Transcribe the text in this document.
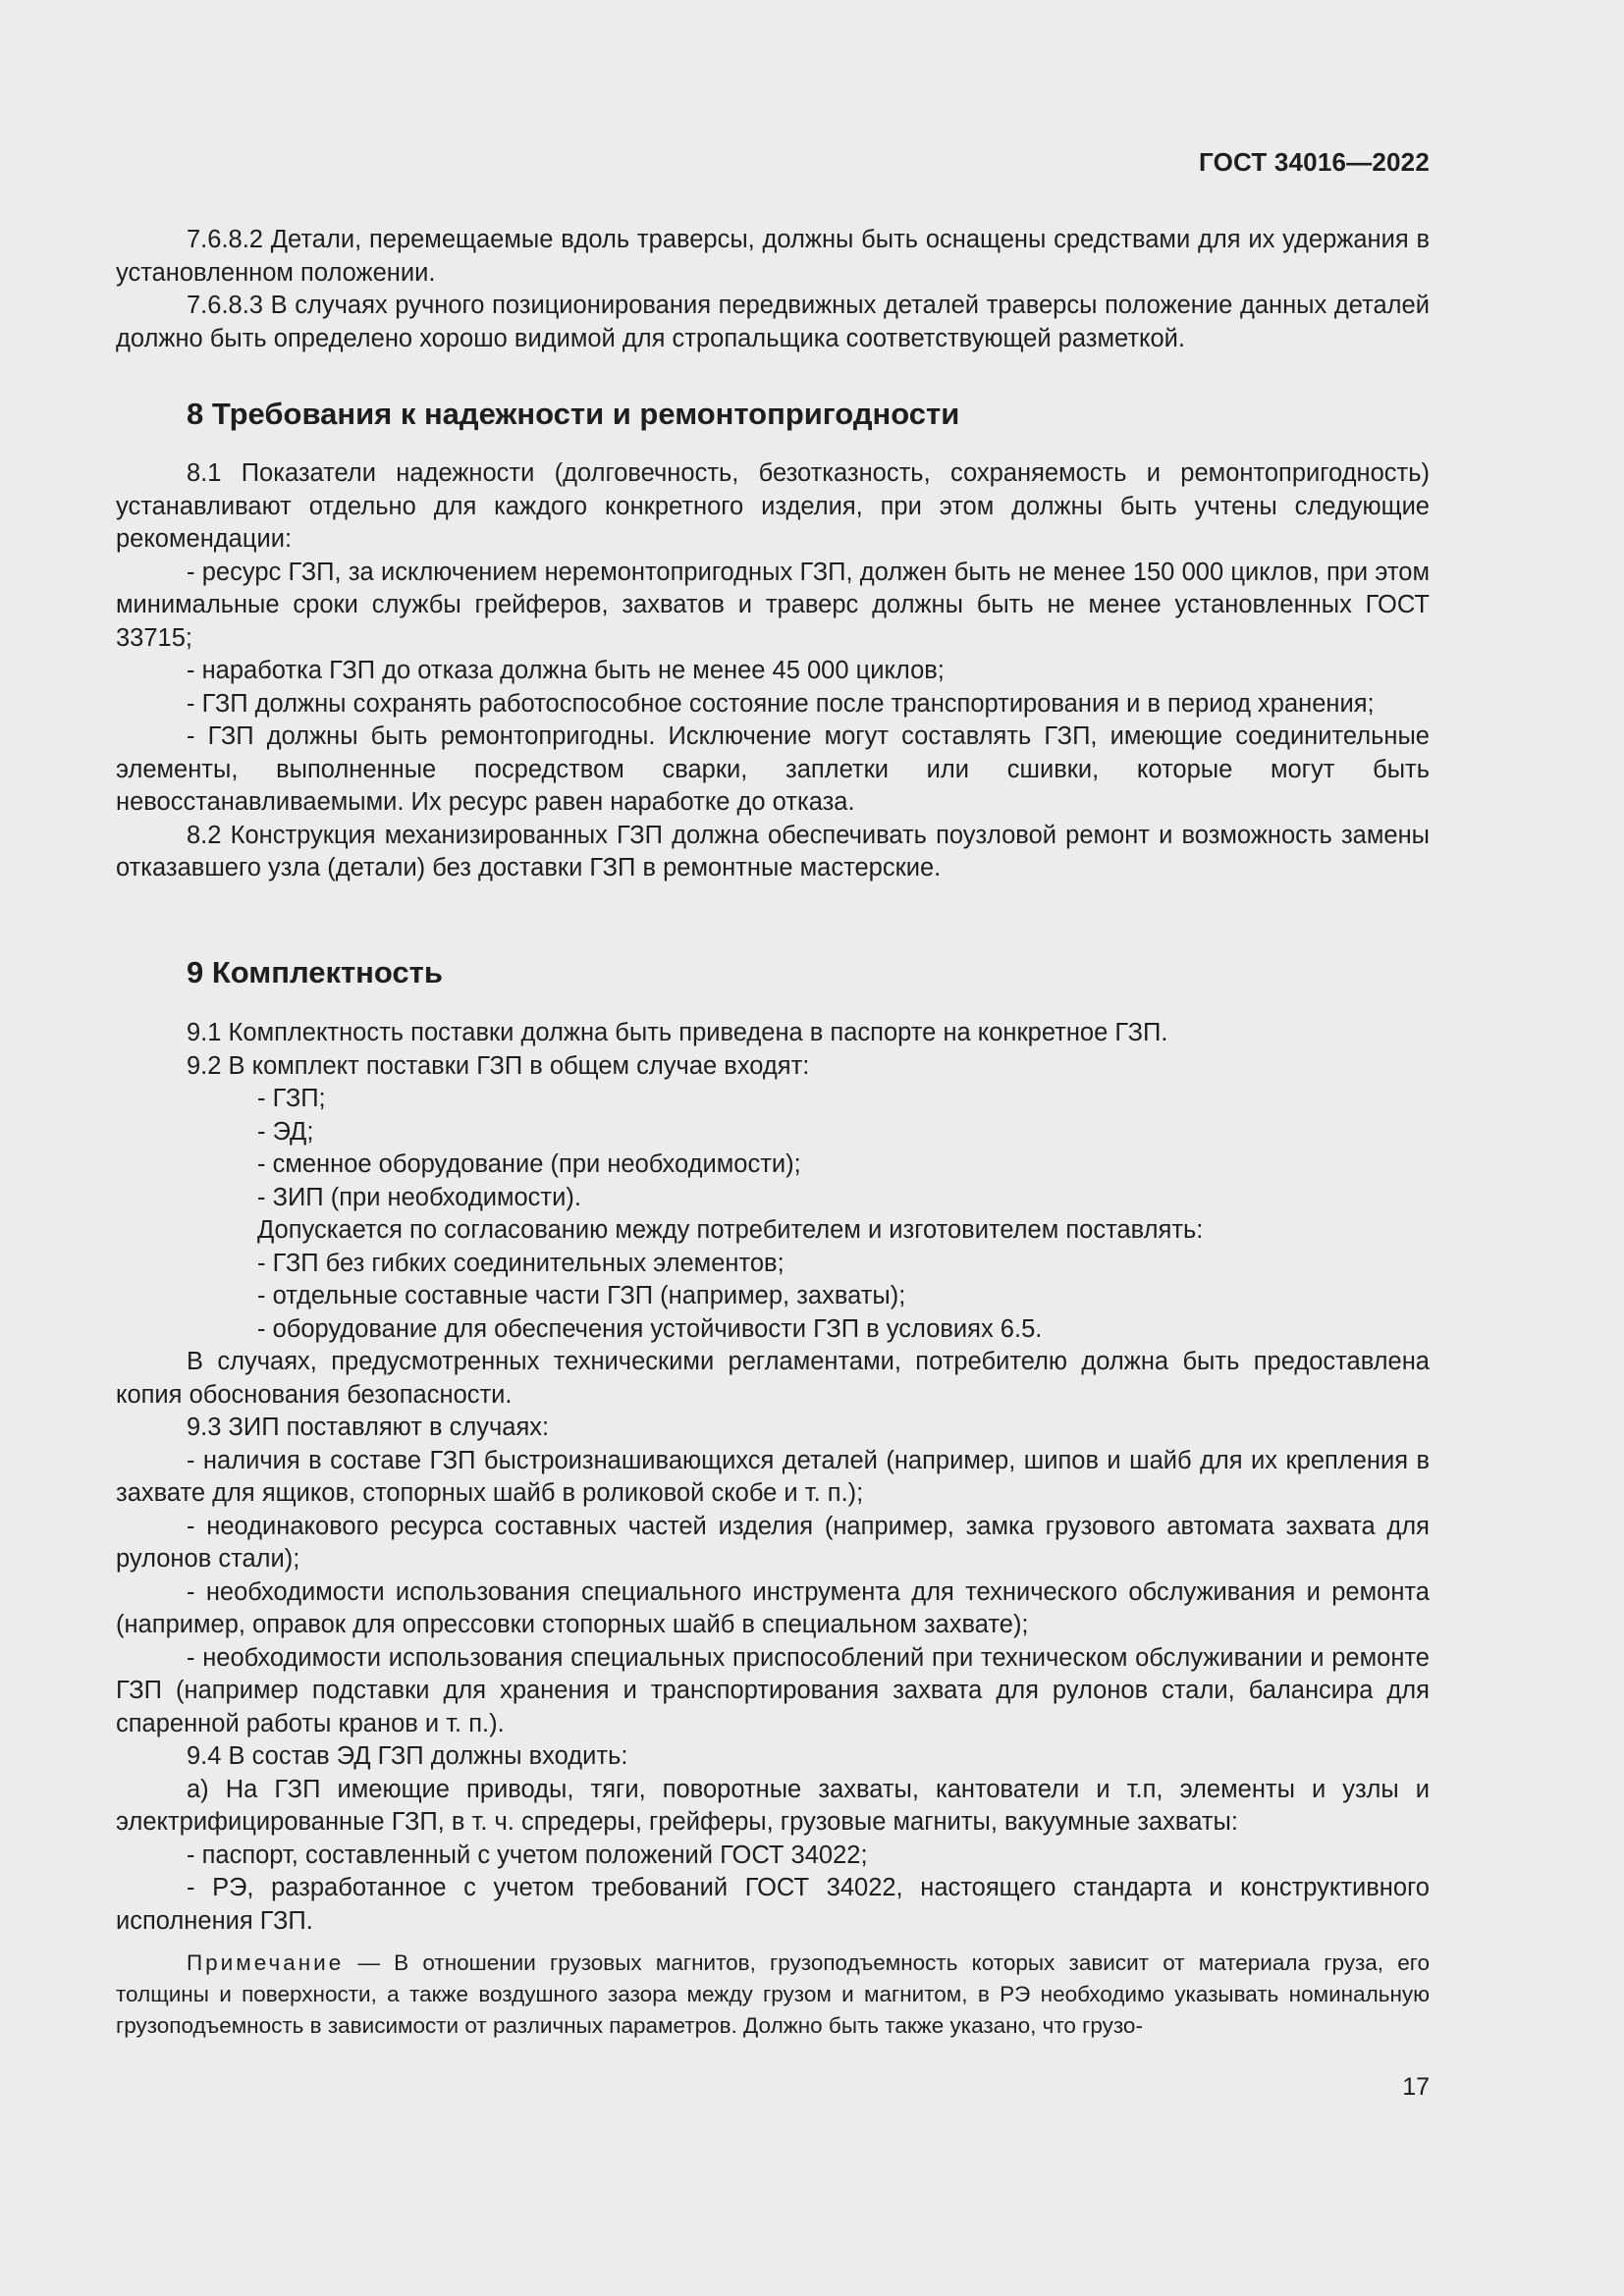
ГОСТ 34016—2022

7.6.8.2 Детали, перемещаемые вдоль траверсы, должны быть оснащены средствами для их удержания в установленном положении.

7.6.8.3 В случаях ручного позиционирования передвижных деталей траверсы положение данных деталей должно быть определено хорошо видимой для стропальщика соответствующей разметкой.

8 Требования к надежности и ремонтопригодности

8.1 Показатели надежности (долговечность, безотказность, сохраняемость и ремонтопригодность) устанавливают отдельно для каждого конкретного изделия, при этом должны быть учтены следующие рекомендации:

- ресурс ГЗП, за исключением неремонтопригодных ГЗП, должен быть не менее 150 000 циклов, при этом минимальные сроки службы грейферов, захватов и траверс должны быть не менее установленных ГОСТ 33715;

- наработка ГЗП до отказа должна быть не менее 45 000 циклов;

- ГЗП должны сохранять работоспособное состояние после транспортирования и в период хранения;

- ГЗП должны быть ремонтопригодны. Исключение могут составлять ГЗП, имеющие соединительные элементы, выполненные посредством сварки, заплетки или сшивки, которые могут быть невосстанавливаемыми. Их ресурс равен наработке до отказа.

8.2 Конструкция механизированных ГЗП должна обеспечивать поузловой ремонт и возможность замены отказавшего узла (детали) без доставки ГЗП в ремонтные мастерские.

9 Комплектность

9.1 Комплектность поставки должна быть приведена в паспорте на конкретное ГЗП.

9.2 В комплект поставки ГЗП в общем случае входят:

- ГЗП;

- ЭД;

- сменное оборудование (при необходимости);

- ЗИП (при необходимости).

Допускается по согласованию между потребителем и изготовителем поставлять:

- ГЗП без гибких соединительных элементов;

- отдельные составные части ГЗП (например, захваты);

- оборудование для обеспечения устойчивости ГЗП в условиях 6.5.

В случаях, предусмотренных техническими регламентами, потребителю должна быть предоставлена копия обоснования безопасности.

9.3 ЗИП поставляют в случаях:

- наличия в составе ГЗП быстроизнашивающихся деталей (например, шипов и шайб для их крепления в захвате для ящиков, стопорных шайб в роликовой скобе и т. п.);

- неодинакового ресурса составных частей изделия (например, замка грузового автомата захвата для рулонов стали);

- необходимости использования специального инструмента для технического обслуживания и ремонта (например, оправок для опрессовки стопорных шайб в специальном захвате);

- необходимости использования специальных приспособлений при техническом обслуживании и ремонте ГЗП (например подставки для хранения и транспортирования захвата для рулонов стали, балансира для спаренной работы кранов и т. п.).

9.4 В состав ЭД ГЗП должны входить:

а) На ГЗП имеющие приводы, тяги, поворотные захваты, кантователи и т.п, элементы и узлы и электрифицированные ГЗП, в т. ч. спредеры, грейферы, грузовые магниты, вакуумные захваты:

- паспорт, составленный с учетом положений ГОСТ 34022;

- РЭ, разработанное с учетом требований ГОСТ 34022, настоящего стандарта и конструктивного исполнения ГЗП.

Примечание — В отношении грузовых магнитов, грузоподъемность которых зависит от материала груза, его толщины и поверхности, а также воздушного зазора между грузом и магнитом, в РЭ необходимо указывать номинальную грузоподъемность в зависимости от различных параметров. Должно быть также указано, что грузо-

17
